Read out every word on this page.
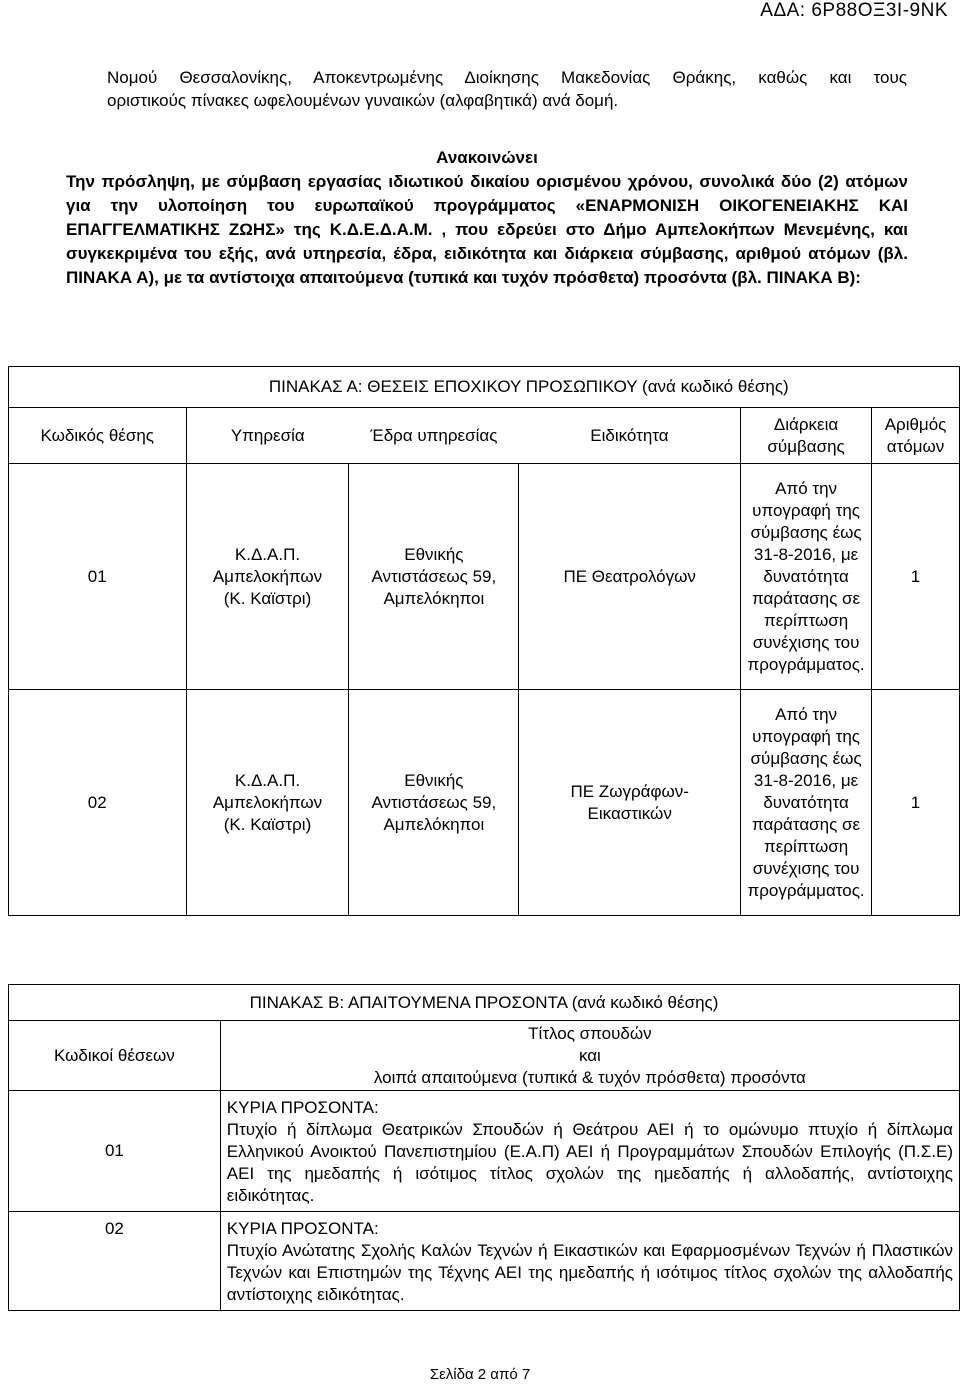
ΑΔΑ: 6Ρ88ΟΞ3Ι-9ΝΚ

Νομού Θεσσαλονίκης, Αποκεντρωμένης Διοίκησης Μακεδονίας Θράκης, καθώς και τους

οριστικούς πίνακες ωφελουμένων γυναικών (αλφαβητικά) ανά δομή.

Ανακοινώνει

Την πρόσληψη, με σύμβαση εργασίας ιδιωτικού δικαίου ορισμένου χρόνου, συνολικά δύο (2) ατόμων για την υλοποίηση του ευρωπαϊκού προγράμματος «ΕΝΑΡΜΟΝΙΣΗ ΟΙΚΟΓΕΝΕΙΑΚΗΣ ΚΑΙ ΕΠΑΓΓΕΛΜΑΤΙΚΗΣ ΖΩΗΣ» της Κ.Δ.Ε.Δ.Α.Μ. , που εδρεύει στο Δήμο Αμπελοκήπων Μενεμένης, και συγκεκριμένα του εξής, ανά υπηρεσία, έδρα, ειδικότητα και διάρκεια σύμβασης, αριθμού ατόμων (βλ. ΠΙΝΑΚΑ Α), με τα αντίστοιχα απαιτούμενα (τυπικά και τυχόν πρόσθετα) προσόντα (βλ. ΠΙΝΑΚΑ Β):

	ΠΙΝΑΚΑΣ Α: ΘΕΣΕΙΣ ΕΠΟΧΙΚΟΥ ΠΡΟΣΩΠΙΚΟΥ (ανά κωδικό θέσης)				
Κωδικός θέσης	Υπηρεσία	Έδρα υπηρεσίας	Ειδικότητα	Διάρκεια σύμβασης	Αριθμός ατόμων
01	Κ.Δ.Α.Π. Αμπελοκήπων (Κ. Καϊστρι)	Εθνικής Αντιστάσεως 59, Αμπελόκηποι	ΠΕ Θεατρολόγων	Από την υπογραφή της σύμβασης έως 31-8-2016, με δυνατότητα παράτασης σε περίπτωση συνέχισης του προγράμματος.	1
02	Κ.Δ.Α.Π. Αμπελοκήπων (Κ. Καϊστρι)	Εθνικής Αντιστάσεως 59, Αμπελόκηποι	ΠΕ Ζωγράφων-Εικαστικών	Από την υπογραφή της σύμβασης έως 31-8-2016, με δυνατότητα παράτασης σε περίπτωση συνέχισης του προγράμματος.	1
ΠΙΝΑΚΑΣ Β: ΑΠΑΙΤΟΥΜΕΝΑ ΠΡΟΣΟΝΤΑ (ανά κωδικό θέσης)	
Κωδικοί θέσεων	Τίτλος σπουδών
και
λοιπά απαιτούμενα (τυπικά & τυχόν πρόσθετα) προσόντα

01	ΚΥΡΙΑ ΠΡΟΣΟΝΤΑ:
Πτυχίο ή δίπλωμα Θεατρικών Σπουδών ή Θεάτρου ΑΕΙ ή το ομώνυμο πτυχίο ή δίπλωμα Ελληνικού Ανοικτού Πανεπιστημίου (Ε.Α.Π) ΑΕΙ ή Προγραμμάτων Σπουδών Επιλογής (Π.Σ.Ε) ΑΕΙ της ημεδαπής ή ισότιμος τίτλος σχολών της ημεδαπής ή αλλοδαπής, αντίστοιχης ειδικότητας.

02	ΚΥΡΙΑ ΠΡΟΣΟΝΤΑ:
Πτυχίο Ανώτατης Σχολής Καλών Τεχνών ή Εικαστικών και Εφαρμοσμένων Τεχνών ή Πλαστικών Τεχνών και Επιστημών της Τέχνης ΑΕΙ της ημεδαπής ή ισότιμος τίτλος σχολών της αλλοδαπής αντίστοιχης ειδικότητας.
Σελίδα 2 από 7
